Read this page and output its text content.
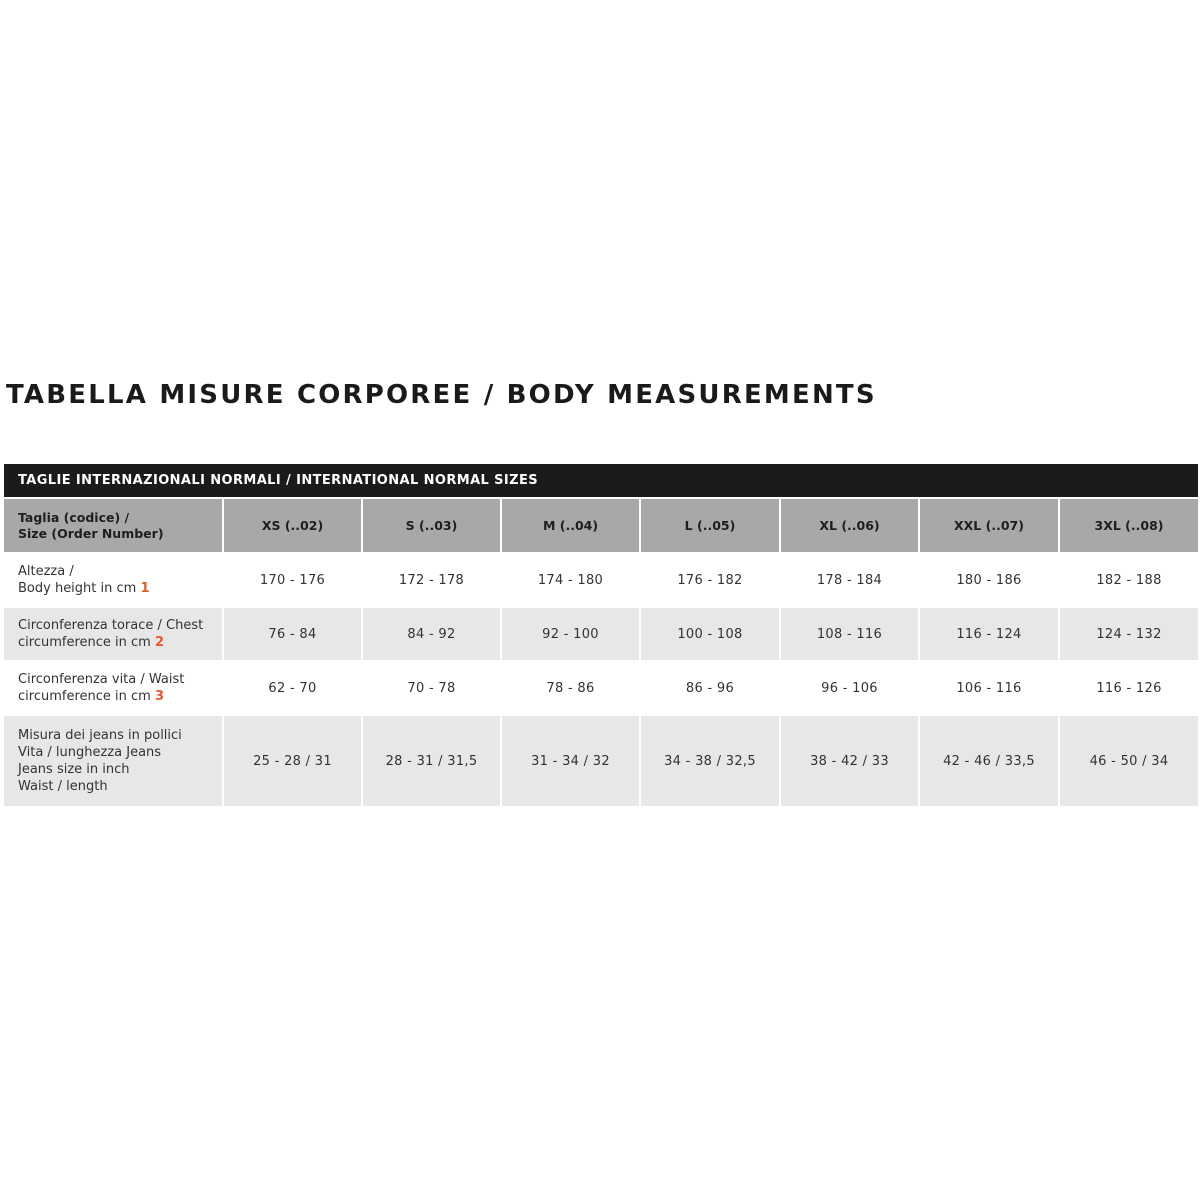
TABELLA MISURE CORPOREE / BODY MEASUREMENTS
TAGLIE INTERNAZIONALI NORMALI / INTERNATIONAL NORMAL SIZES							

Taglia (codice) /
Size (Order Number)	XS (..02)	S (..03)	M (..04)	L (..05)	XL (..06)	XXL (..07)	3XL (..08)

Altezza /
Body height in cm 1	170 - 176	172 - 178	174 - 180	176 - 182	178 - 184	180 - 186	182 - 188

Circonferenza torace / Chest
circumference in cm 2	76 - 84	84 - 92	92 - 100	100 - 108	108 - 116	116 - 124	124 - 132

Circonferenza vita / Waist
circumference in cm 3	62 - 70	70 - 78	78 - 86	86 - 96	96 - 106	106 - 116	116 - 126

Misura dei jeans in pollici
Vita / lunghezza Jeans
Jeans size in inch
Waist / length	25 - 28 / 31	28 - 31 / 31,5	31 - 34 / 32	34 - 38 / 32,5	38 - 42 / 33	42 - 46 / 33,5	46 - 50 / 34
